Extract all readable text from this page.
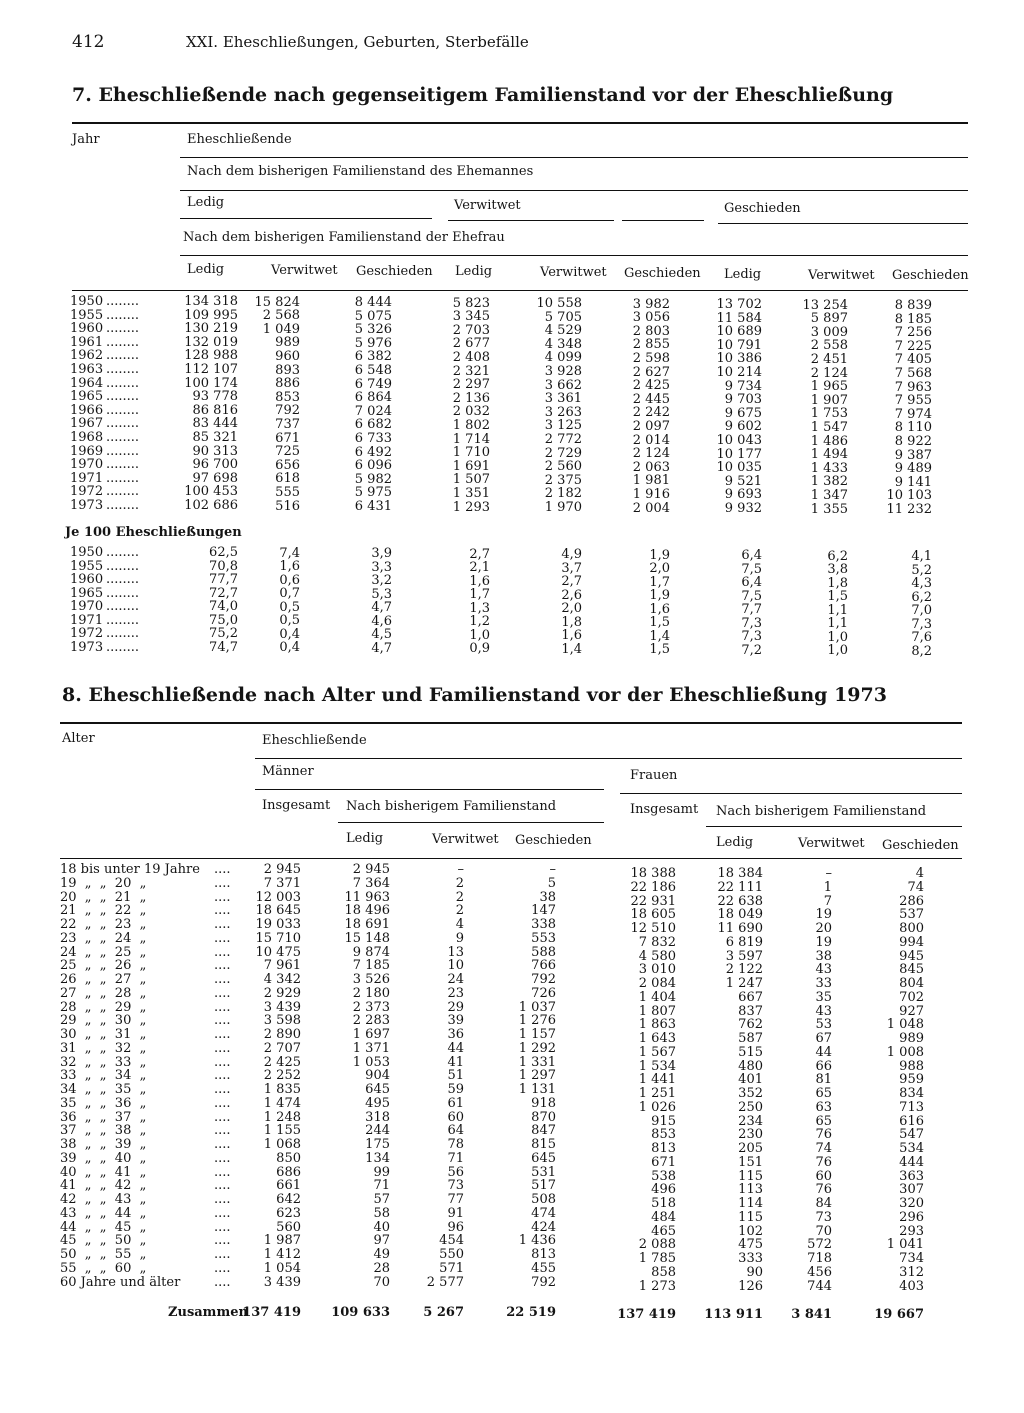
412	XXI. Eheschließungen, Geburten, Sterbefälle
7. Eheschließende nach gegenseitigem Familienstand vor der Eheschließung
Jahr	Eheschließende
Nach dem bisherigen Familienstand des Ehemannes
Ledig	Verwitwet	Geschieden
Nach dem bisherigen Familienstand der Ehefrau
Ledig	Verwitwet Geschieden Ledig	Verwitwet Geschieden Ledig	Verwitwet Geschieden
1950 ........	134 318	15 824	8 444	5 823	10 558	3 982	13 702	13 254	8 839
1955 ........	109 995	2 568	5 075	3 345	5 705	3 056	11 584	5 897	8 185
1960 ........	130 219	1 049	5 326	2 703	4 529	2 803	10 689	3 009	7 256
1961 ........	132 019	989	5 976	2 677	4 348	2 855	10 791	2 558	7 225
1962 ........	128 988	960	6 382	2 408	4 099	2 598	10 386	2 451	7 405
1963 ........	112 107	893	6 548	2 321	3 928	2 627	10 214	2 124	7 568
1964 ........	100 174	886	6 749	2 297	3 662	2 425	9 734	1 965	7 963
1965 ........	93 778	853	6 864	2 136	3 361	2 445	9 703	1 907	7 955
1966 ........	86 816	792	7 024	2 032	3 263	2 242	9 675	1 753	7 974
1967 ........	83 444	737	6 682	1 802	3 125	2 097	9 602	1 547	8 110
1968 ........	85 321	671	6 733	1 714	2 772	2 014	10 043	1 486	8 922
1969 ........	90 313	725	6 492	1 710	2 729	2 124	10 177	1 494	9 387
1970 ........	96 700	656	6 096	1 691	2 560	2 063	10 035	1 433	9 489
1971 ........	97 698	618	5 982	1 507	2 375	1 981	9 521	1 382	9 141
1972 ........	100 453	555	5 975	1 351	2 182	1 916	9 693	1 347	10 103
1973 ........	102 686	516	6 431	1 293	1 970	2 004	9 932	1 355	11 232
Je 100 Eheschließungen
1950 ........	62,5	7,4	3,9	2,7	4,9	1,9	6,4	6,2	4,1
1955 ........	70,8	1,6	3,3	2,1	3,7	2,0	7,5	3,8	5,2
1960 ........	77,7	0,6	3,2	1,6	2,7	1,7	6,4	1,8	4,3
1965 ........	72,7	0,7	5,3	1,7	2,6	1,9	7,5	1,5	6,2
1970 ........	74,0	0,5	4,7	1,3	2,0	1,6	7,7	1,1	7,0
1971 ........	75,0	0,5	4,6	1,2	1,8	1,5	7,3	1,1	7,3
1972 ........	75,2	0,4	4,5	1,0	1,6	1,4	7,3	1,0	7,6
1973 ........	74,7	0,4	4,7	0,9	1,4	1,5	7,2	1,0	8,2
8. Eheschließende nach Alter und Familienstand vor der Eheschließung 1973
Alter	Eheschließende
Männer	Frauen
Insgesamt Nach bisherigem Familienstand	Insgesamt Nach bisherigem Familienstand
Ledig	Verwitwet Geschieden	Ledig	Verwitwet Geschieden
18 bis unter 19 Jahre ....	2 945	2 945	–	–	18 388	18 384	–	4
19  „  „  20  „	....	7 371	7 364	2	5	22 186	22 111	1	74
20  „  „  21  „	....	12 003	11 963	2	38	22 931	22 638	7	286
21  „  „  22  „	....	18 645	18 496	2	147	18 605	18 049	19	537
22  „  „  23  „	....	19 033	18 691	4	338	12 510	11 690	20	800
23  „  „  24  „	....	15 710	15 148	9	553	7 832	6 819	19	994
24  „  „  25  „	....	10 475	9 874	13	588	4 580	3 597	38	945
25  „  „  26  „	....	7 961	7 185	10	766	3 010	2 122	43	845
26  „  „  27  „	....	4 342	3 526	24	792	2 084	1 247	33	804
27  „  „  28  „	....	2 929	2 180	23	726	1 404	667	35	702
28  „  „  29  „	....	3 439	2 373	29	1 037	1 807	837	43	927
29  „  „  30  „	....	3 598	2 283	39	1 276	1 863	762	53	1 048
30  „  „  31  „	....	2 890	1 697	36	1 157	1 643	587	67	989
31  „  „  32  „	....	2 707	1 371	44	1 292	1 567	515	44	1 008
32  „  „  33  „	....	2 425	1 053	41	1 331	1 534	480	66	988
33  „  „  34  „	....	2 252	904	51	1 297	1 441	401	81	959
34  „  „  35  „	....	1 835	645	59	1 131	1 251	352	65	834
35  „  „  36  „	....	1 474	495	61	918	1 026	250	63	713
36  „  „  37  „	....	1 248	318	60	870	915	234	65	616
37  „  „  38  „	....	1 155	244	64	847	853	230	76	547
38  „  „  39  „	....	1 068	175	78	815	813	205	74	534
39  „  „  40  „	....	850	134	71	645	671	151	76	444
40  „  „  41  „	....	686	99	56	531	538	115	60	363
41  „  „  42  „	....	661	71	73	517	496	113	76	307
42  „  „  43  „	....	642	57	77	508	518	114	84	320
43  „  „  44  „	....	623	58	91	474	484	115	73	296
44  „  „  45  „	....	560	40	96	424	465	102	70	293
45  „  „  50  „	....	1 987	97	454	1 436	2 088	475	572	1 041
50  „  „  55  „	....	1 412	49	550	813	1 785	333	718	734
55  „  „  60  „	....	1 054	28	571	455	858	90	456	312
60 Jahre und älter	....	3 439	70	2 577	792	1 273	126	744	403
Zusammen
137 419	109 633	5 267	22 519	137 419	113 911	3 841	19 667
